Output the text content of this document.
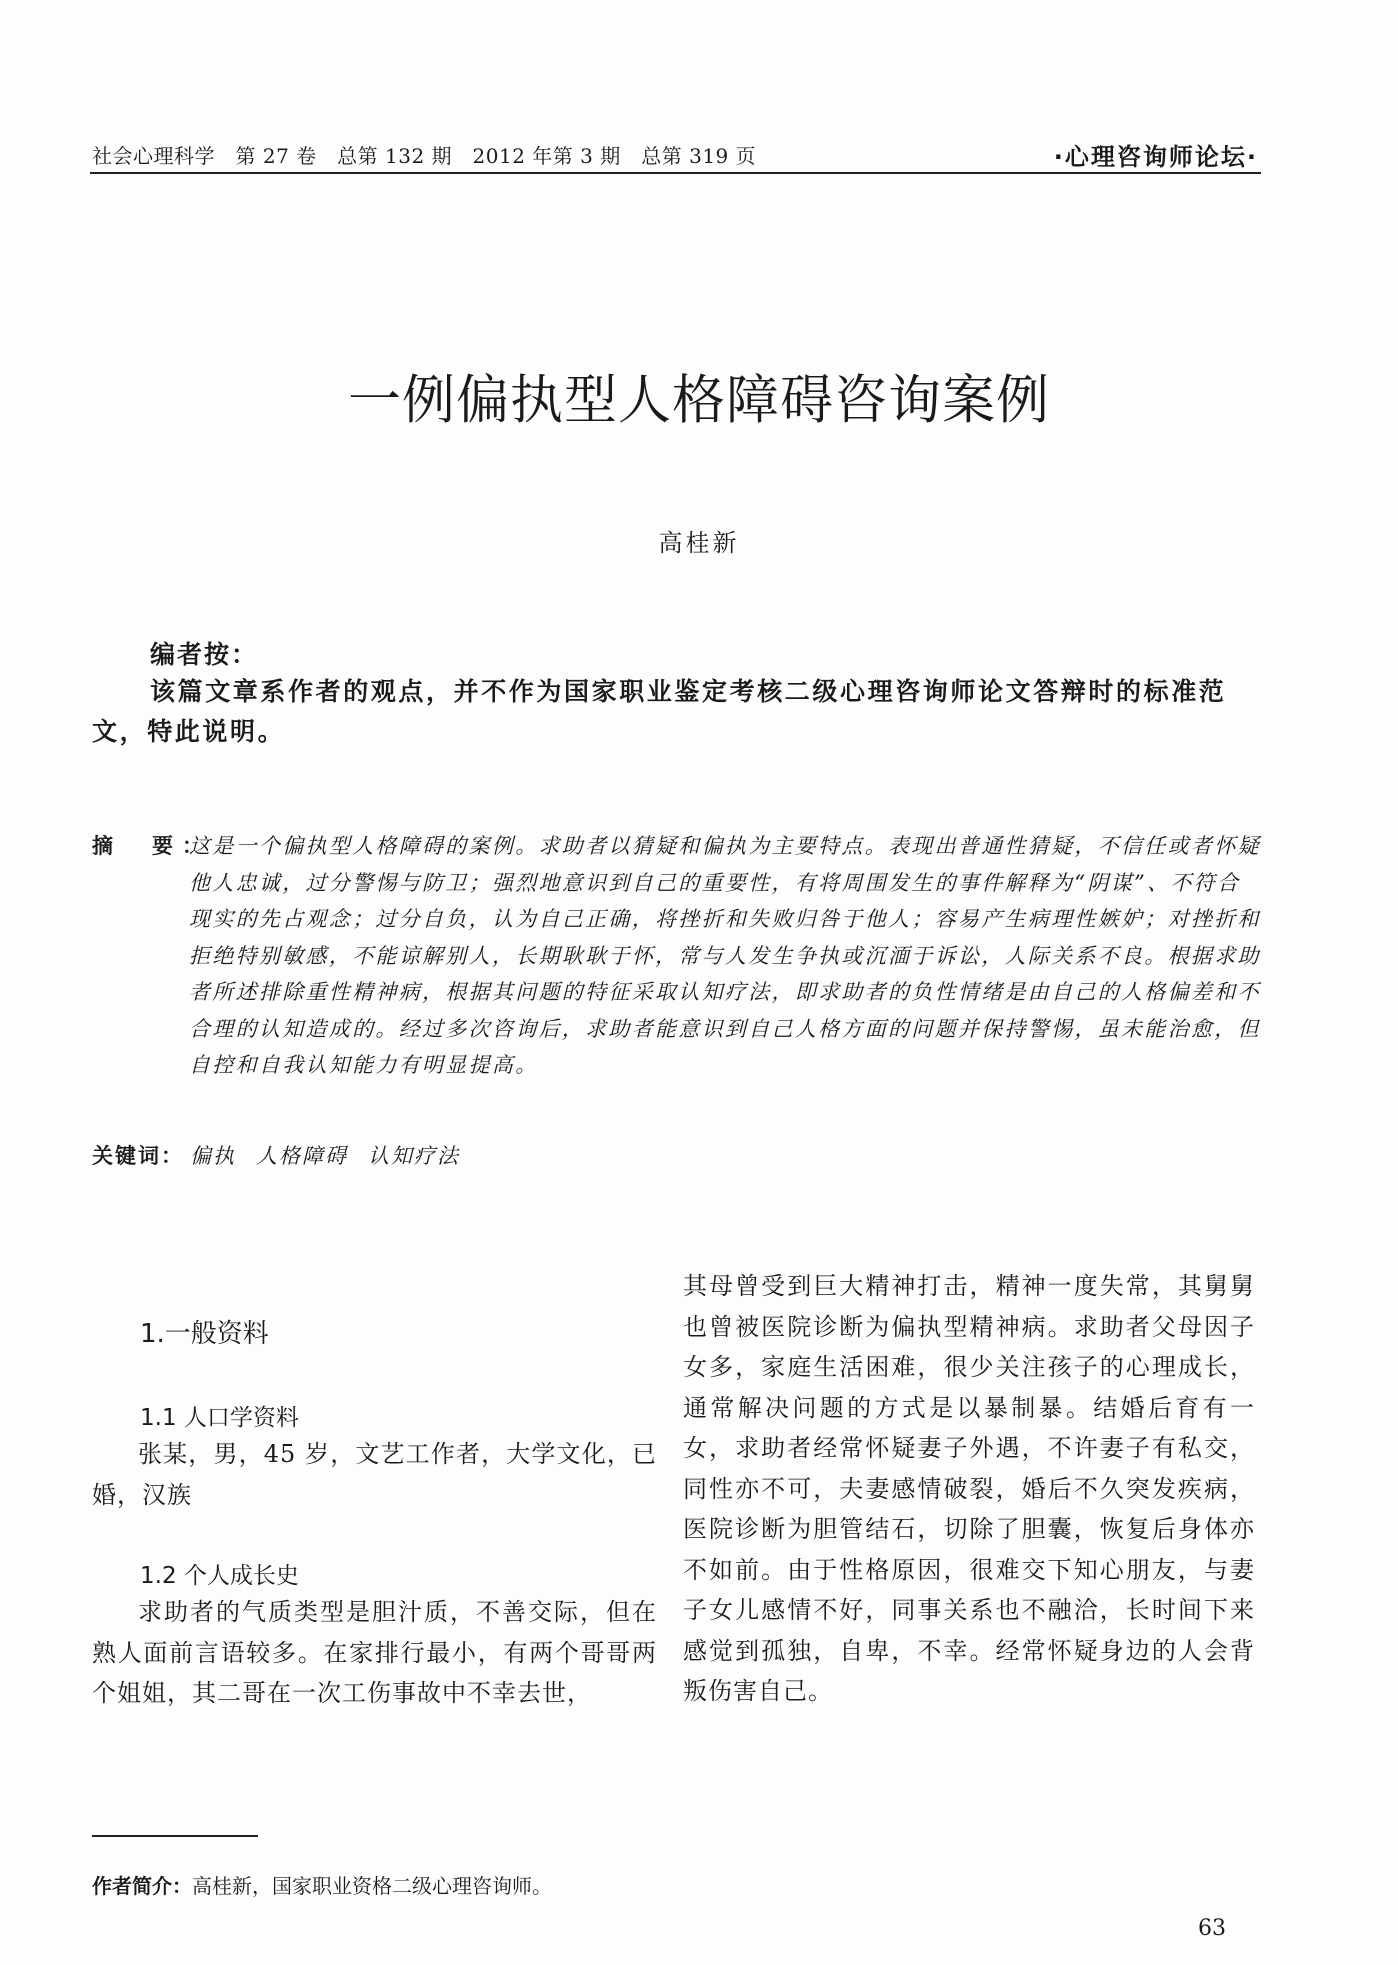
社会心理科学　第 27 卷　总第 132 期　2012 年第 3 期　总第 319 页	·心理咨询师论坛·
一例偏执型人格障碍咨询案例
高桂新
编者按：

该篇文章系作者的观点，并不作为国家职业鉴定考核二级心理咨询师论文答辩时的标准范文，特此说明。

摘　要：
这是一个偏执型人格障碍的案例。求助者以猜疑和偏执为主要特点。表现出普通性猜疑，不信任或者怀疑他人忠诚，过分警惕与防卫；强烈地意识到自己的重要性，有将周围发生的事件解释为“阴谋”、不符合现实的先占观念；过分自负，认为自己正确，将挫折和失败归咎于他人；容易产生病理性嫉妒；对挫折和拒绝特别敏感，不能谅解别人，长期耿耿于怀，常与人发生争执或沉湎于诉讼，人际关系不良。根据求助者所述排除重性精神病，根据其问题的特征采取认知疗法，即求助者的负性情绪是由自己的人格偏差和不合理的认知造成的。经过多次咨询后，求助者能意识到自己人格方面的问题并保持警惕，虽未能治愈，但自控和自我认知能力有明显提高。
关键词： 偏执 人格障碍 认知疗法
1.一般资料
1.1 人口学资料

张某，男，45 岁，文艺工作者，大学文化，已婚，汉族

1.2 个人成长史

求助者的气质类型是胆汁质，不善交际，但在熟人面前言语较多。在家排行最小，有两个哥哥两个姐姐，其二哥在一次工伤事故中不幸去世，

其母曾受到巨大精神打击，精神一度失常，其舅舅也曾被医院诊断为偏执型精神病。求助者父母因子女多，家庭生活困难，很少关注孩子的心理成长，通常解决问题的方式是以暴制暴。结婚后育有一女，求助者经常怀疑妻子外遇，不许妻子有私交，同性亦不可，夫妻感情破裂，婚后不久突发疾病，医院诊断为胆管结石，切除了胆囊，恢复后身体亦不如前。由于性格原因，很难交下知心朋友，与妻子女儿感情不好，同事关系也不融洽，长时间下来感觉到孤独，自卑，不幸。经常怀疑身边的人会背叛伤害自己。

作者简介：高桂新，国家职业资格二级心理咨询师。
63
